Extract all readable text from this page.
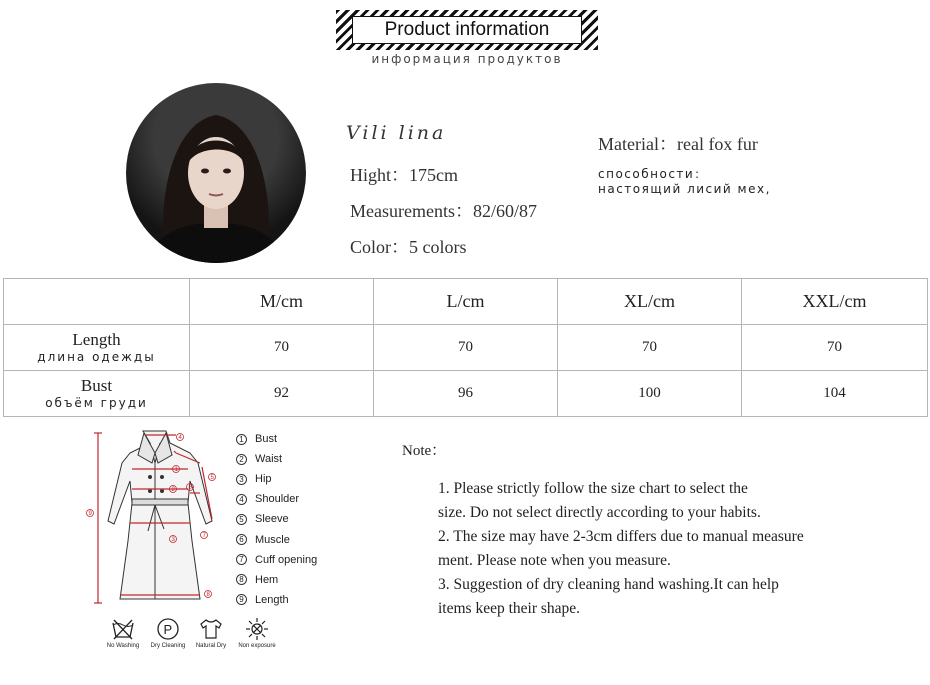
Product information
информация продуктов
Vili lina
Hight：175cm
Measurements：82/60/87
Color：5 colors
Material：real fox fur
способности：
настоящий лисий мех,
	M/cm	L/cm	XL/cm	XXL/cm

Length
длина одежды	70	70	70	70

Bust
объём груди	92	96	100	104
4
1
5
2 6
7
3
8
9
1 Bust
2 Waist
3 Hip
4 Shoulder
5 Sleeve
6 Muscle
7 Cuff opening
8 Hem
9 Length
No Washing
P
Dry Cleaning	Natural Dry	Non exposure
Note：
1. Please strictly follow the size chart to select the
size. Do not select directly according to your habits.
2. The size may have 2-3cm differs due to manual measure
ment. Please note when you measure.
3. Suggestion of dry cleaning hand washing.It can help
items keep their shape.
